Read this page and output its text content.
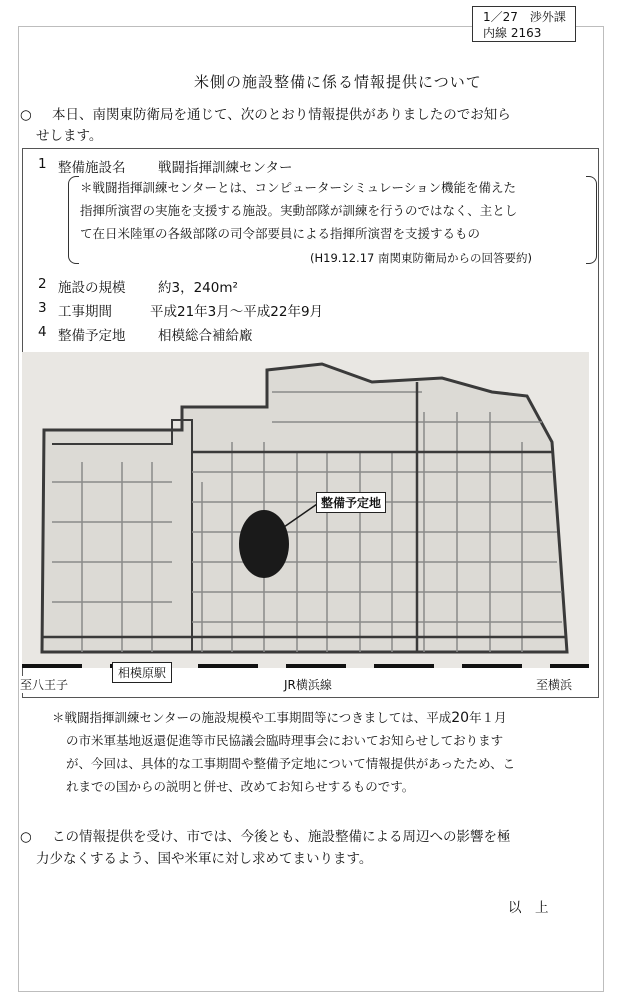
1／27　渉外課
内線 2163
米側の施設整備に係る情報提供について
○ 本日、南関東防衛局を通じて、次のとおり情報提供がありましたのでお知ら
せします。
1 整備施設名 戦闘指揮訓練センター
＊戦闘指揮訓練センターとは、コンピューターシミュレーション機能を備えた
指揮所演習の実施を支援する施設。実動部隊が訓練を行うのではなく、主とし
て在日米陸軍の各級部隊の司令部要員による指揮所演習を支援するもの
(H19.12.17 南関東防衛局からの回答要約)
2 施設の規模 約3，240m²
3 工事期間	平成21年3月～平成22年9月
4 整備予定地 相模総合補給廠
整備予定地
相模原駅
至八王子	JR横浜線	至横浜
＊戦闘指揮訓練センターの施設規模や工事期間等につきましては、平成20年１月
の市米軍基地返還促進等市民協議会臨時理事会においてお知らせしております
が、今回は、具体的な工事期間や整備予定地について情報提供があったため、こ
れまでの国からの説明と併せ、改めてお知らせするものです。
○ この情報提供を受け、市では、今後とも、施設整備による周辺への影響を極
力少なくするよう、国や米軍に対し求めてまいります。
以　上
